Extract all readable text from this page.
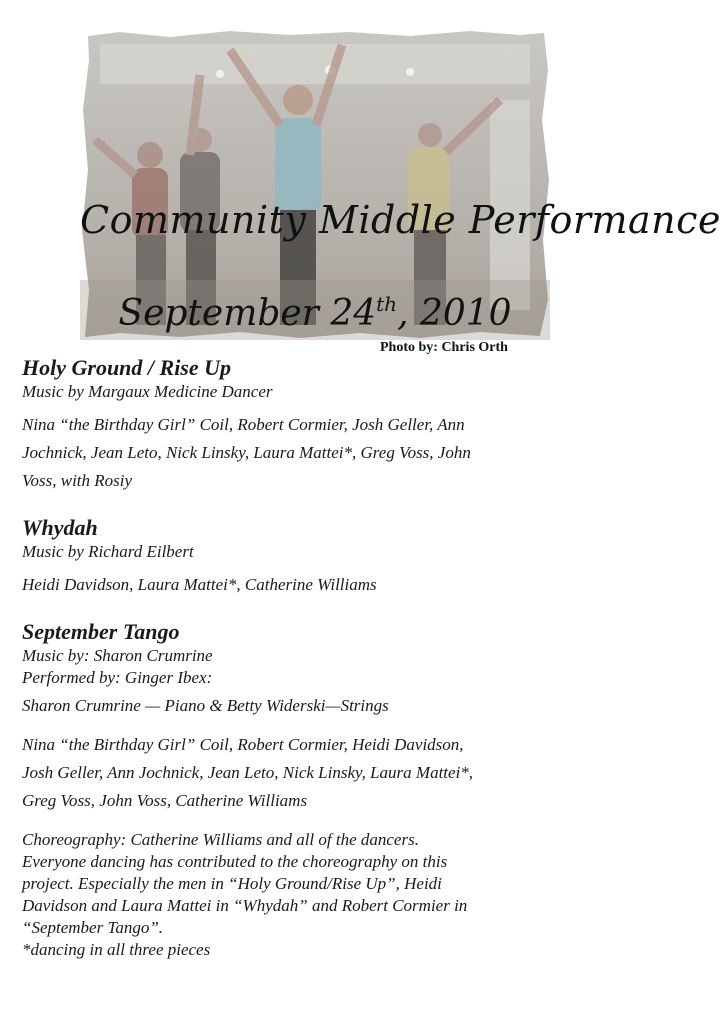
Community Middle Performance
September 24th, 2010
Photo by: Chris Orth

Holy Ground / Rise Up

Music by Margaux Medicine Dancer

Nina “the Birthday Girl” Coil, Robert Cormier, Josh Geller, Ann
Jochnick, Jean Leto, Nick Linsky, Laura Mattei*, Greg Voss, John
Voss, with Rosiy

Whydah

Music by Richard Eilbert

Heidi Davidson, Laura Mattei*, Catherine Williams

September Tango

Music by: Sharon Crumrine

Performed by: Ginger Ibex:

Sharon Crumrine — Piano & Betty Widerski—Strings

Nina “the Birthday Girl” Coil, Robert Cormier, Heidi Davidson,
Josh Geller, Ann Jochnick, Jean Leto, Nick Linsky, Laura Mattei*,
Greg Voss, John Voss, Catherine Williams

Choreography: Catherine Williams and all of the dancers.
Everyone dancing has contributed to the choreography on this
project. Especially the men in “Holy Ground/Rise Up”, Heidi
Davidson and Laura Mattei in “Whydah” and Robert Cormier in
“September Tango”.
*dancing in all three pieces
